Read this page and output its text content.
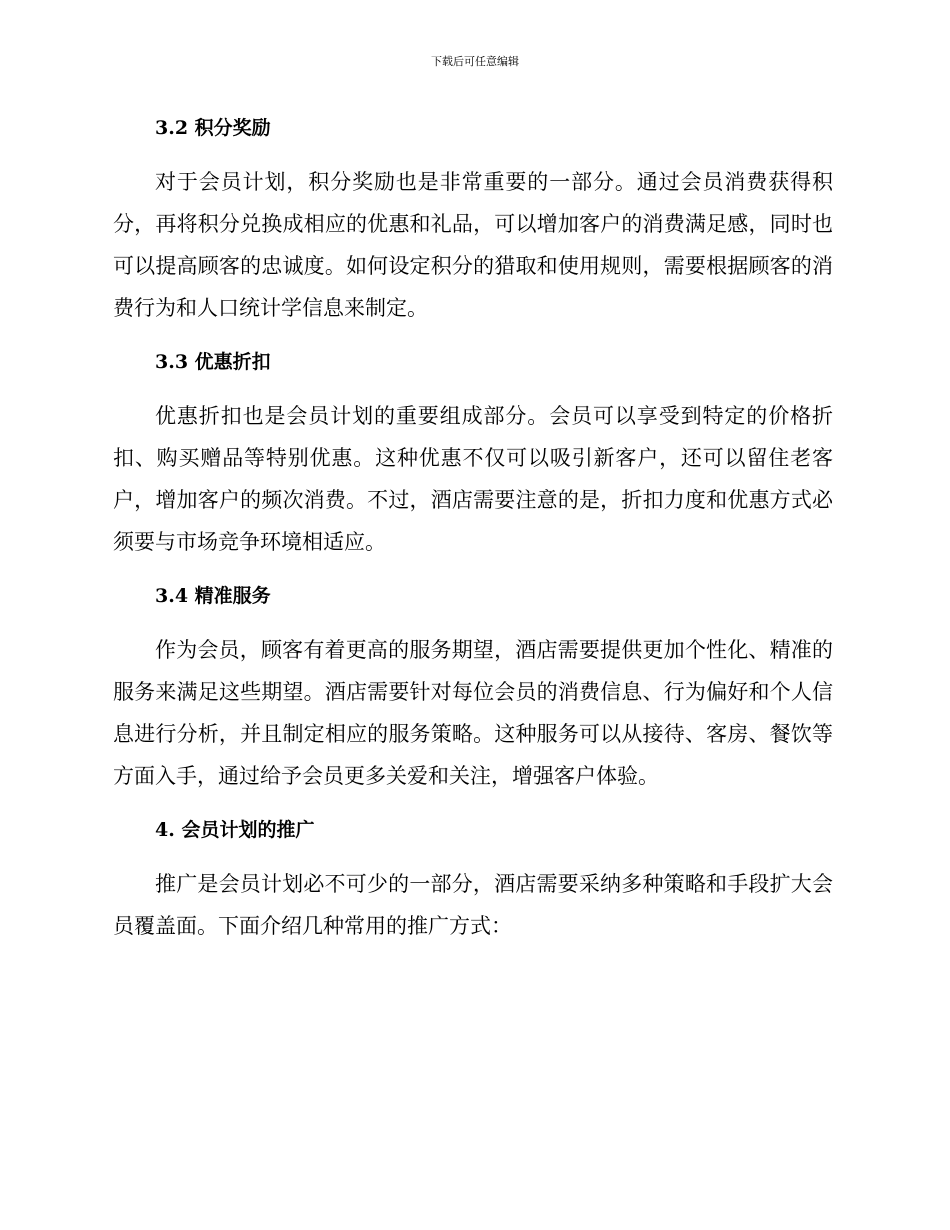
下载后可任意编辑
3.2 积分奖励

对于会员计划，积分奖励也是非常重要的一部分。通过会员消费获得积分，再将积分兑换成相应的优惠和礼品，可以增加客户的消费满足感，同时也可以提高顾客的忠诚度。如何设定积分的猎取和使用规则，需要根据顾客的消费行为和人口统计学信息来制定。

3.3 优惠折扣

优惠折扣也是会员计划的重要组成部分。会员可以享受到特定的价格折扣、购买赠品等特别优惠。这种优惠不仅可以吸引新客户，还可以留住老客户，增加客户的频次消费。不过，酒店需要注意的是，折扣力度和优惠方式必须要与市场竞争环境相适应。

3.4 精准服务

作为会员，顾客有着更高的服务期望，酒店需要提供更加个性化、精准的服务来满足这些期望。酒店需要针对每位会员的消费信息、行为偏好和个人信息进行分析，并且制定相应的服务策略。这种服务可以从接待、客房、餐饮等方面入手，通过给予会员更多关爱和关注，增强客户体验。

4. 会员计划的推广

推广是会员计划必不可少的一部分，酒店需要采纳多种策略和手段扩大会员覆盖面。下面介绍几种常用的推广方式：
